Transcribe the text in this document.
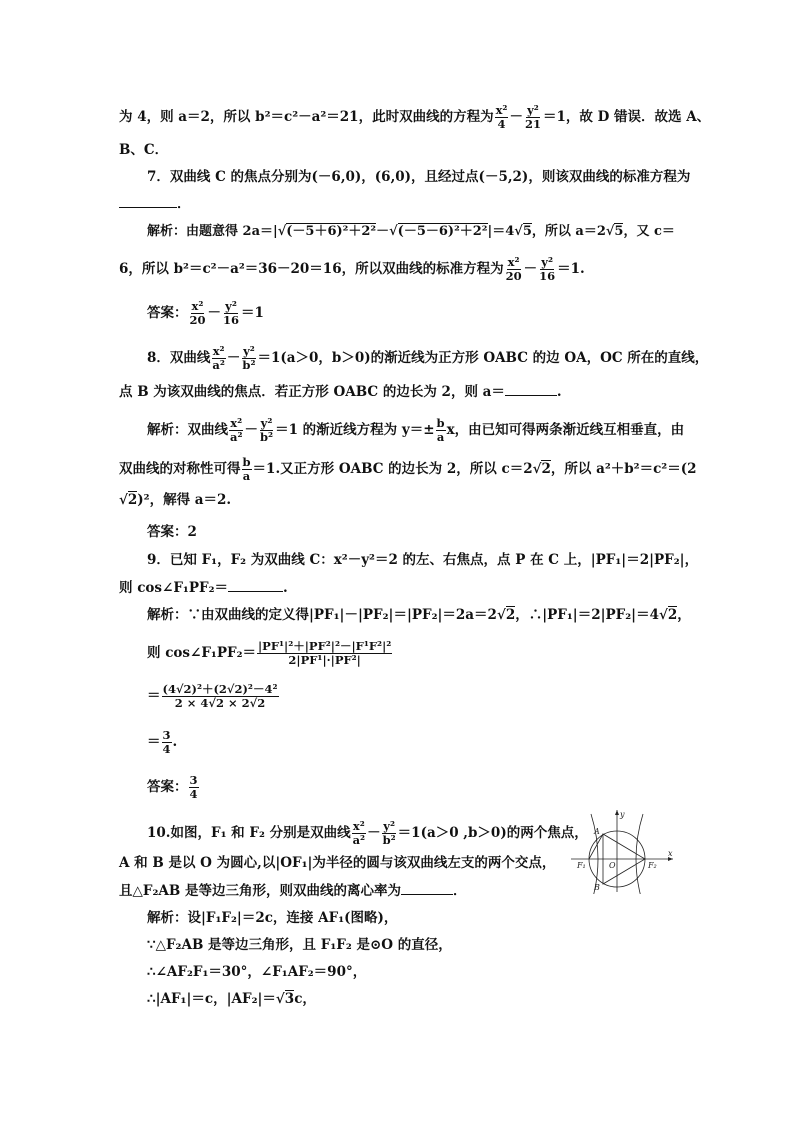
为 4，则 a＝2，所以 b²＝c²－a²＝21，此时双曲线的方程为 $\frac{\text{x²}}{4} - \frac{\text{y²}}{21} =1$，故 D 错误．故选 A、
B、C．
7．双曲线 C 的焦点分别为(－6,0)，(6,0)，且经过点(－5,2)，则该双曲线的标准方程为
．
解析：由题意得 2a＝|√(－5＋6)²＋2²－√(－5－6)²＋2²|＝4√5，所以 a＝2√5，又 c＝
6，所以 b²＝c²－a²＝36－20＝16，所以双曲线的标准方程为 $\frac{\text{x²}}{20} - \frac{\text{y²}}{16} =1$.
答案： $\frac{\text{x²}}{20} - \frac{\text{y²}}{16} =1$
8．双曲线 $\frac{\text{x²}}{\text{a²}} - \frac{\text{y²}}{\text{b²}} =1(a>0$，b＞0)的渐近线为正方形 OABC 的边 OA，OC 所在的直线，
点 B 为该双曲线的焦点．若正方形 OABC 的边长为 2，则 a＝	.
解析：双曲线 $\frac{\text{x²}}{\text{a²}} - \frac{\text{y²}}{\text{b²}} =1$ 的渐近线方程为 $y=\pm \frac{b}{a}$ x，由已知可得两条渐近线互相垂直，由
双曲线的对称性可得 $\frac{b}{a} =1$.又正方形 OABC 的边长为 2，所以 c＝2√2，所以 a²＋b²＝c²＝(2
√2)²，解得 a＝2.
答案：2
9．已知 F₁，F₂ 为双曲线 C：x²－y²＝2 的左、右焦点，点 P 在 C 上，|PF₁|＝2|PF₂|，
则 cos∠F₁PF₂＝	.
解析：∵由双曲线的定义得|PF₁|－|PF₂|＝|PF₂|＝2a＝2√2，∴|PF₁|＝2|PF₂|＝4√2，
则 cos∠F₁PF₂＝ $\frac{\text{|PF¹|²＋|PF²|²－|F¹F²|²}}{\text{2|PF¹|·|PF²|}}$
＝ $\frac{\text{(4√2)²＋(2√2)²－4²}}{2 \times 4√2 \times 2√2}$
＝ $\frac{3}{4}$ .
答案： $\frac{3}{4}$
10.如图，F₁ 和 F₂ 分别是双曲线 $\frac{\text{x²}}{\text{a²}} - \frac{\text{y²}}{\text{b²}} =1(a>0$ ,b＞0)的两个焦点，
A 和 B 是以 O 为圆心,以|OF₁|为半径的圆与该双曲线左支的两个交点，
且△F₂AB 是等边三角形，则双曲线的离心率为	．
解析：设|F₁F₂|＝2c，连接 AF₁(图略)，
∵△F₂AB 是等边三角形，且 F₁F₂ 是⊙O 的直径，
∴∠AF₂F₁＝30°，∠F₁AF₂＝90°，
∴|AF₁|＝c，|AF₂|＝√3c，
y
x
A
B
O
F₁	F₂
